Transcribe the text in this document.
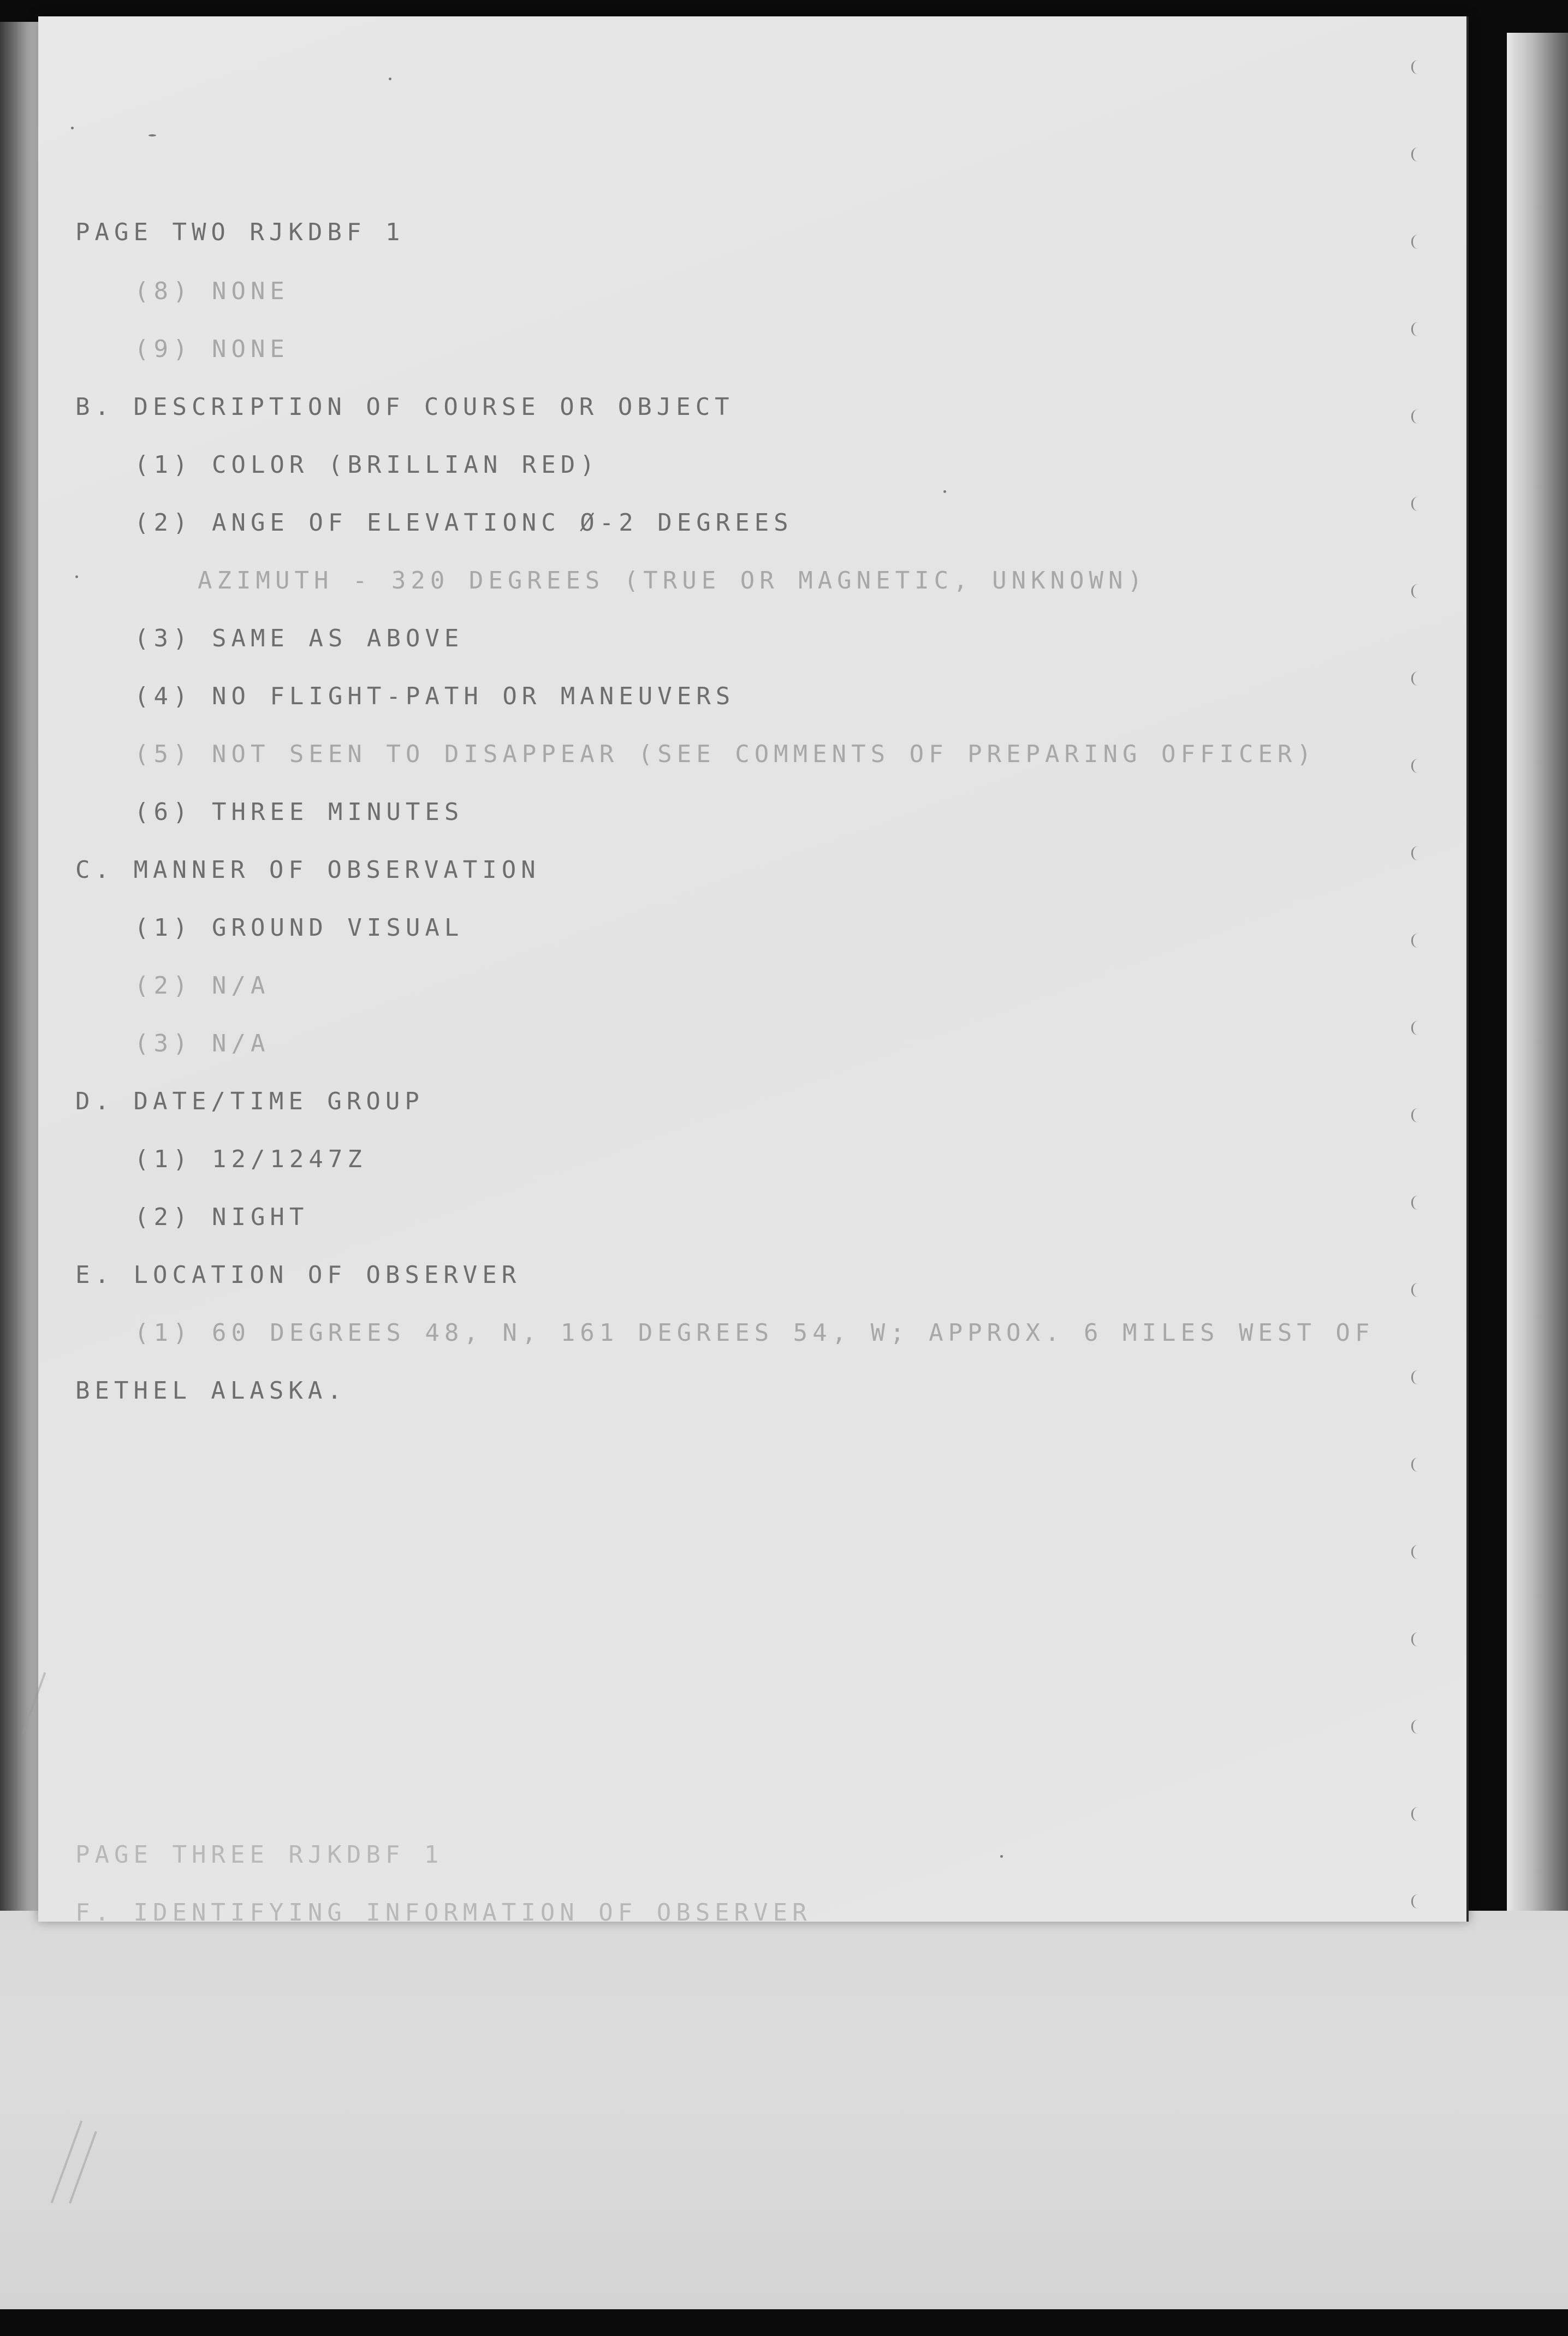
PAGE TWO RJKDBF 1
(8) NONE
(9) NONE
B. DESCRIPTION OF COURSE OR OBJECT
(1) COLOR (BRILLIAN RED)
(2) ANGE OF ELEVATIONC Ø-2 DEGREES
AZIMUTH - 320 DEGREES (TRUE OR MAGNETIC, UNKNOWN)
(3) SAME AS ABOVE
(4) NO FLIGHT-PATH OR MANEUVERS
(5) NOT SEEN TO DISAPPEAR (SEE COMMENTS OF PREPARING OFFICER)
(6) THREE MINUTES
C. MANNER OF OBSERVATION
(1) GROUND VISUAL
(2) N/A
(3) N/A
D. DATE/TIME GROUP
(1) 12/1247Z
(2) NIGHT
E. LOCATION OF OBSERVER
(1) 60 DEGREES 48, N, 161 DEGREES 54, W; APPROX. 6 MILES WEST OF
BETHEL ALASKA.
PAGE THREE RJKDBF 1
F. IDENTIFYING INFORMATION OF OBSERVER
